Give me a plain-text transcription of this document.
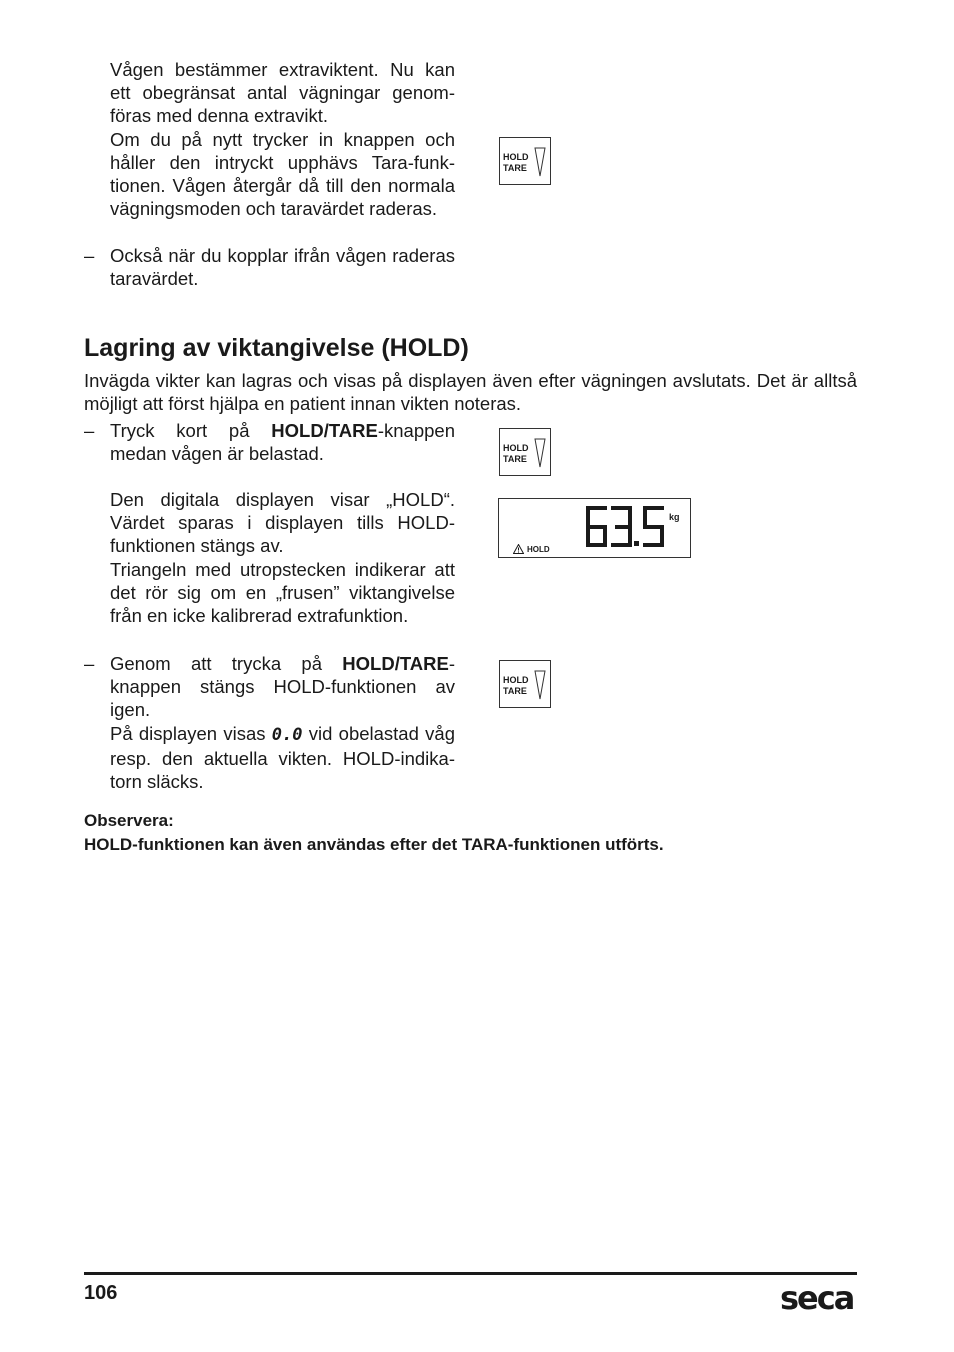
Vågen bestämmer extraviktent. Nu kan ett obegränsat antal vägningar genomföras med denna extravikt.

Om du på nytt trycker in knappen och håller den intryckt upphävs Tara-funktionen. Vågen återgår då till den normala vägningsmoden och taravärdet raderas.

– Också när du kopplar ifrån vågen raderas taravärdet.

HOLD
TARE
Lagring av viktangivelse (HOLD)
Invägda vikter kan lagras och visas på displayen även efter vägningen avslutats. Det är alltså möjligt att först hjälpa en patient innan vikten noteras.
– Tryck kort på HOLD/TARE-knappen medan vågen är belastad.

Den digitala displayen visar „HOLD“. Värdet sparas i displayen tills HOLD-funktionen stängs av.

Triangeln med utropstecken indikerar att det rör sig om en „frusen” viktangivelse från en icke kalibrerad extrafunktion.

HOLD
TARE
kg
HOLD
– Genom att trycka på HOLD/TARE-knappen stängs HOLD-funktionen av igen.

På displayen visas 0.0 vid obelastad våg resp. den aktuella vikten. HOLD-indikatorn släcks.

HOLD
TARE
Observera:
HOLD-funktionen kan även användas efter det TARA-funktionen utförts.
106	seca
